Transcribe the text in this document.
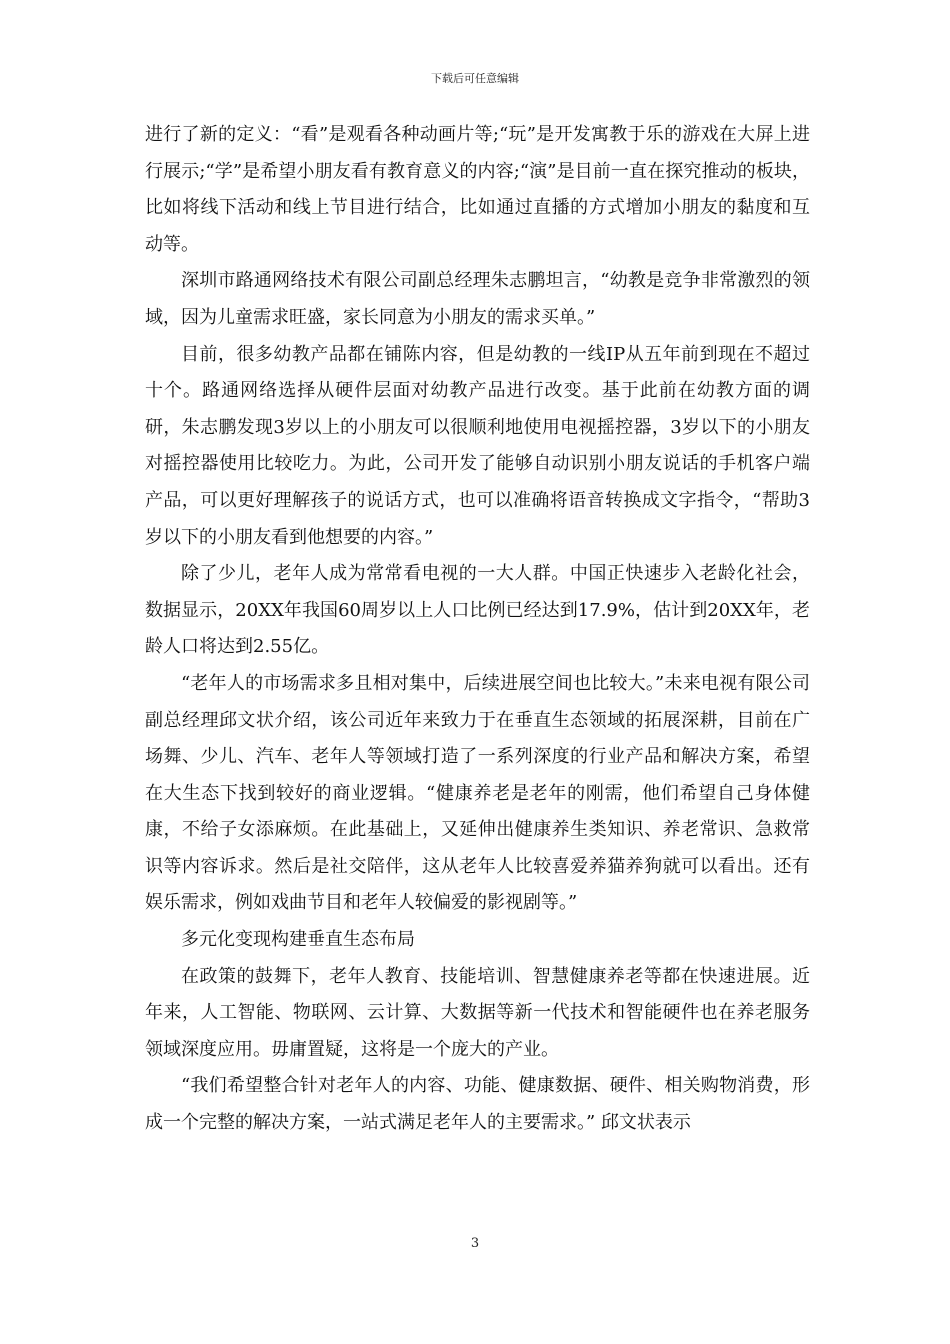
下载后可任意编辑

进行了新的定义：“看”是观看各种动画片等;“玩”是开发寓教于乐的游戏在大屏上进行展示;“学”是希望小朋友看有教育意义的内容;“演”是目前一直在探究推动的板块，比如将线下活动和线上节目进行结合，比如通过直播的方式增加小朋友的黏度和互动等。

深圳市路通网络技术有限公司副总经理朱志鹏坦言，“幼教是竞争非常激烈的领域，因为儿童需求旺盛，家长同意为小朋友的需求买单。”

目前，很多幼教产品都在铺陈内容，但是幼教的一线IP从五年前到现在不超过十个。路通网络选择从硬件层面对幼教产品进行改变。基于此前在幼教方面的调研，朱志鹏发现3岁以上的小朋友可以很顺利地使用电视摇控器，3岁以下的小朋友对摇控器使用比较吃力。为此，公司开发了能够自动识别小朋友说话的手机客户端产品，可以更好理解孩子的说话方式，也可以准确将语音转换成文字指令，“帮助3岁以下的小朋友看到他想要的内容。”

除了少儿，老年人成为常常看电视的一大人群。中国正快速步入老龄化社会，数据显示，20XX年我国60周岁以上人口比例已经达到17.9%，估计到20XX年，老龄人口将达到2.55亿。

“老年人的市场需求多且相对集中，后续进展空间也比较大。”未来电视有限公司副总经理邱文状介绍，该公司近年来致力于在垂直生态领域的拓展深耕，目前在广场舞、少儿、汽车、老年人等领域打造了一系列深度的行业产品和解决方案，希望在大生态下找到较好的商业逻辑。“健康养老是老年的刚需，他们希望自己身体健康，不给子女添麻烦。在此基础上，又延伸出健康养生类知识、养老常识、急救常识等内容诉求。然后是社交陪伴，这从老年人比较喜爱养猫养狗就可以看出。还有娱乐需求，例如戏曲节目和老年人较偏爱的影视剧等。”

多元化变现构建垂直生态布局

在政策的鼓舞下，老年人教育、技能培训、智慧健康养老等都在快速进展。近年来，人工智能、物联网、云计算、大数据等新一代技术和智能硬件也在养老服务领域深度应用。毋庸置疑，这将是一个庞大的产业。

“我们希望整合针对老年人的内容、功能、健康数据、硬件、相关购物消费，形成一个完整的解决方案，一站式满足老年人的主要需求。” 邱文状表示

3
